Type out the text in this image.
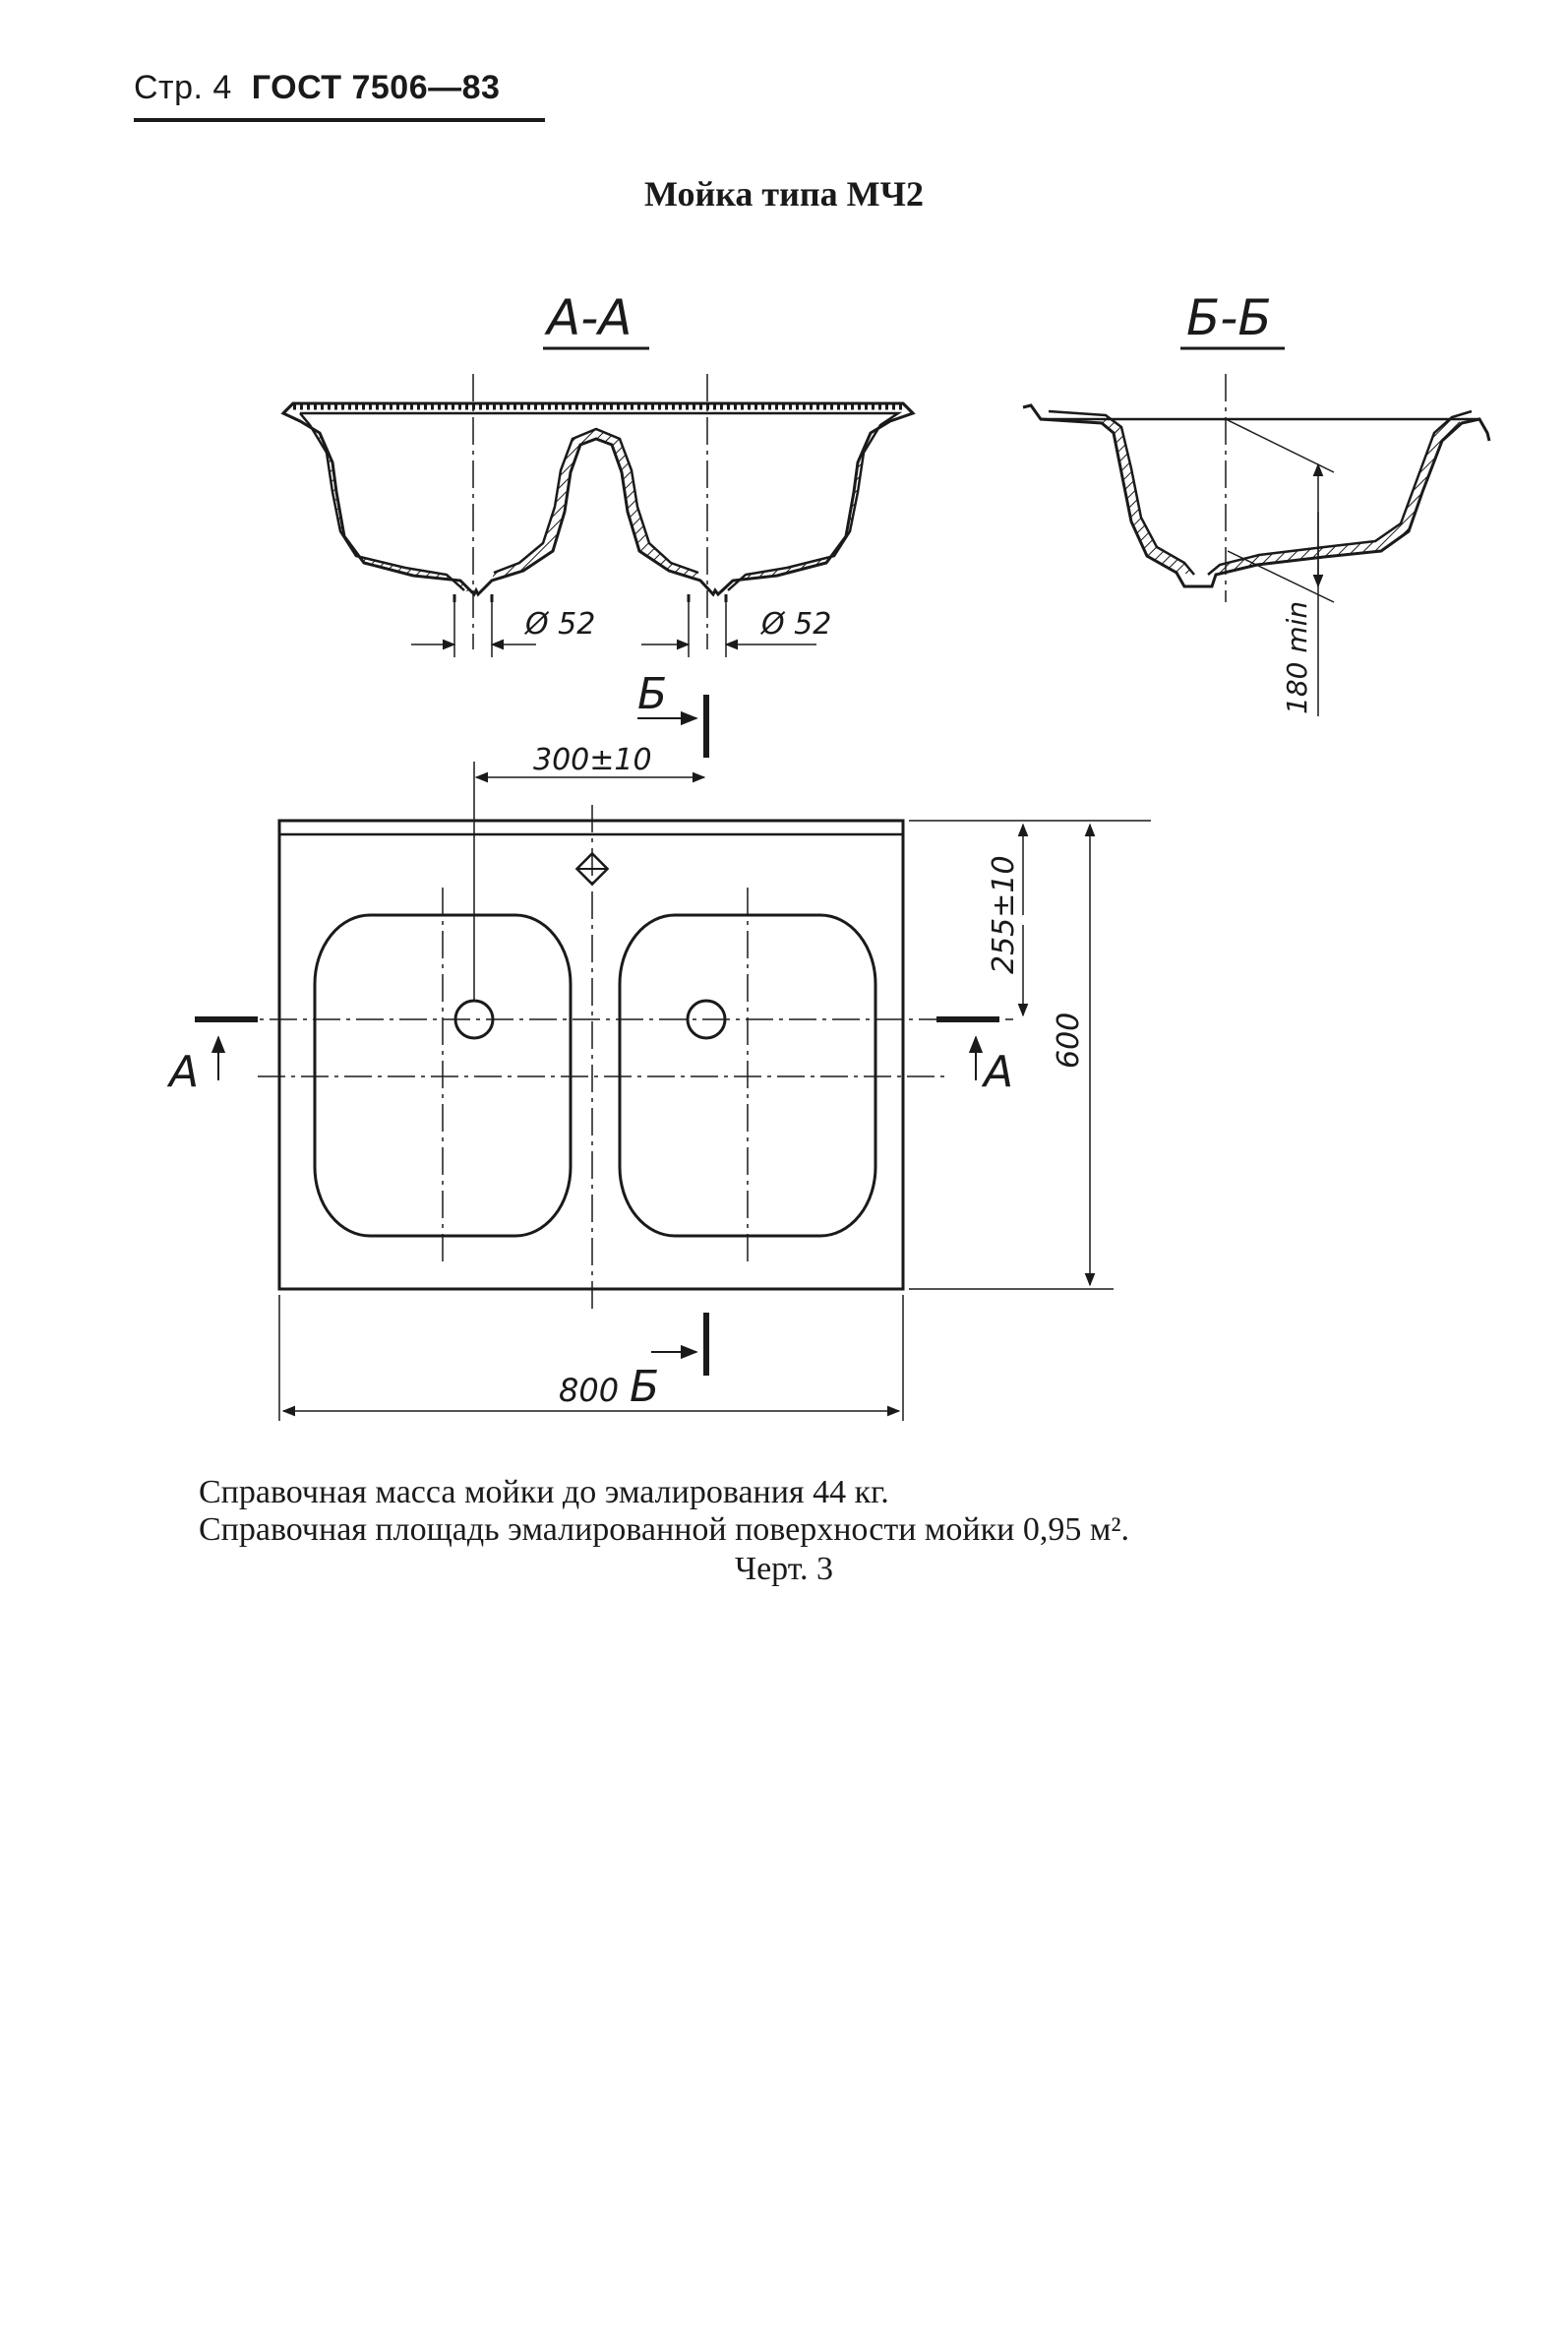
Стр. 4 ГОСТ 7506—83
Мойка типа МЧ2
А-А
Ø 52	Ø 52
Б-Б
180 min
А	А
Б
300±10
255±10
600
800 Б
Справочная масса мойки до эмалирования 44 кг.
Справочная площадь эмалированной поверхности мойки 0,95 м².
Черт. 3
